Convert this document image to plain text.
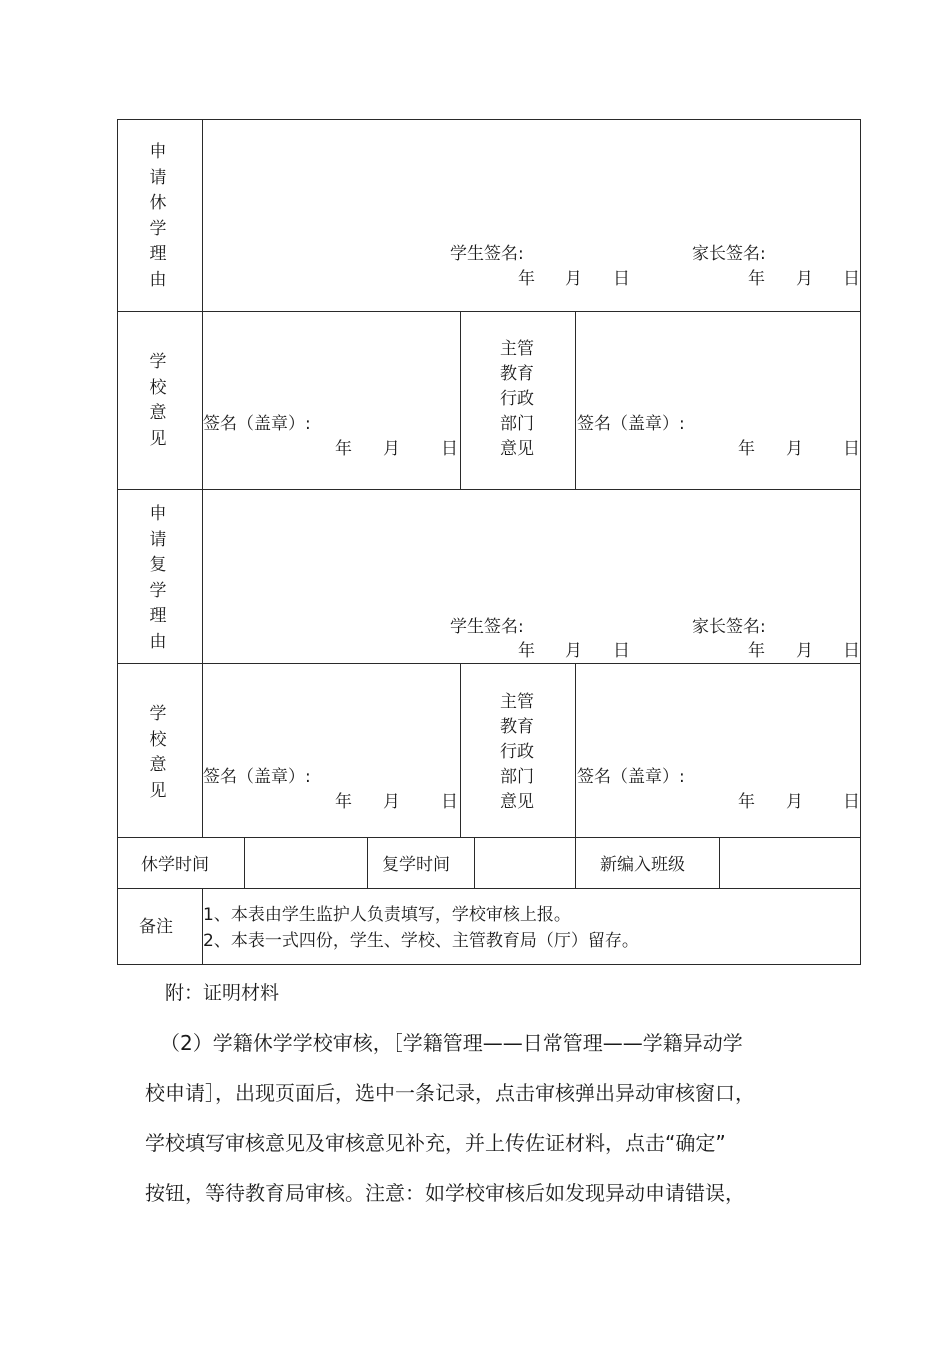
申
请
休
学
理
由
学生签名:	家长签名:
年 月 日	年 月 日
学
校
意
见
签名（盖章）:
年 月 日
主管
教育
行政
部门
意见
签名（盖章）:
年 月 日
申
请
复
学
理
由
学生签名:	家长签名:
年 月 日	年 月 日
学
校
意
见
签名（盖章）:
年 月 日
主管
教育
行政
部门
意见
签名（盖章）:
年 月 日
休学时间	复学时间	新编入班级
备注
1、本表由学生监护人负责填写，学校审核上报。
2、本表一式四份，学生、学校、主管教育局（厅）留存。
附：证明材料
（2）学籍休学学校审核，［学籍管理——日常管理——学籍异动学
校申请］，出现页面后，选中一条记录，点击审核弹出异动审核窗口，
学校填写审核意见及审核意见补充，并上传佐证材料，点击“确定”
按钮，等待教育局审核。注意：如学校审核后如发现异动申请错误，
